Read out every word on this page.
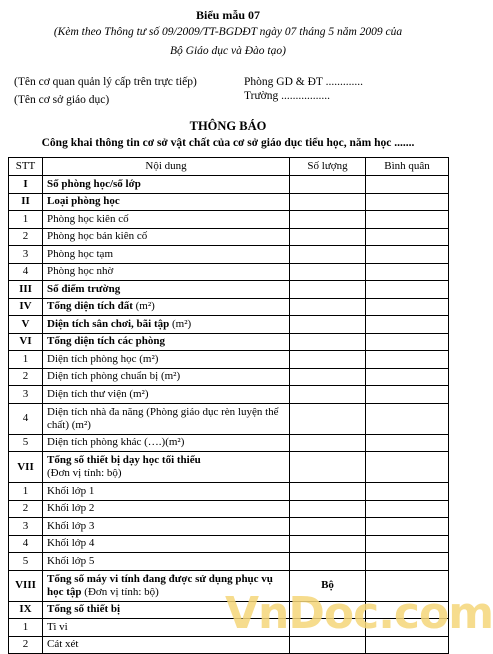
Biểu mẫu 07
(Kèm theo Thông tư số 09/2009/TT-BGDĐT ngày 07 tháng 5 năm 2009 của
Bộ Giáo dục và Đào tạo)
(Tên cơ quan quản lý cấp trên trực tiếp)
(Tên cơ sở giáo dục)
Phòng GD & ĐT .............
Trường .................
THÔNG BÁO
Công khai thông tin cơ sở vật chất của cơ sở giáo dục tiểu học, năm học .......
STT	Nội dung	Số lượng	Bình quân
I	Số phòng học/số lớp		
II	Loại phòng học		
1	Phòng học kiên cố		
2	Phòng học bán kiên cố		
3	Phòng học tạm		
4	Phòng học nhờ		
III	Số điểm trường		
IV	Tổng diện tích đất (m²)		
V	Diện tích sân chơi, bãi tập (m²)		
VI	Tổng diện tích các phòng		
1	Diện tích phòng học (m²)		
2	Diện tích phòng chuẩn bị (m²)		
3	Diện tích thư viện (m²)		
4	Diện tích nhà đa năng (Phòng giáo dục rèn luyện thể chất) (m²)		
5	Diện tích phòng khác (….)(m²)		
VII	Tổng số thiết bị dạy học tối thiểu
(Đơn vị tính: bộ)		
1	Khối lớp 1		
2	Khối lớp 2		
3	Khối lớp 3		
4	Khối lớp 4		
5	Khối lớp 5		
VIII	Tổng số máy vi tính đang được sử dụng phục vụ học tập (Đơn vị tính: bộ)	Bộ	
IX	Tổng số thiết bị		
1	Ti vi		
2	Cát xét		
VnDoc.com
